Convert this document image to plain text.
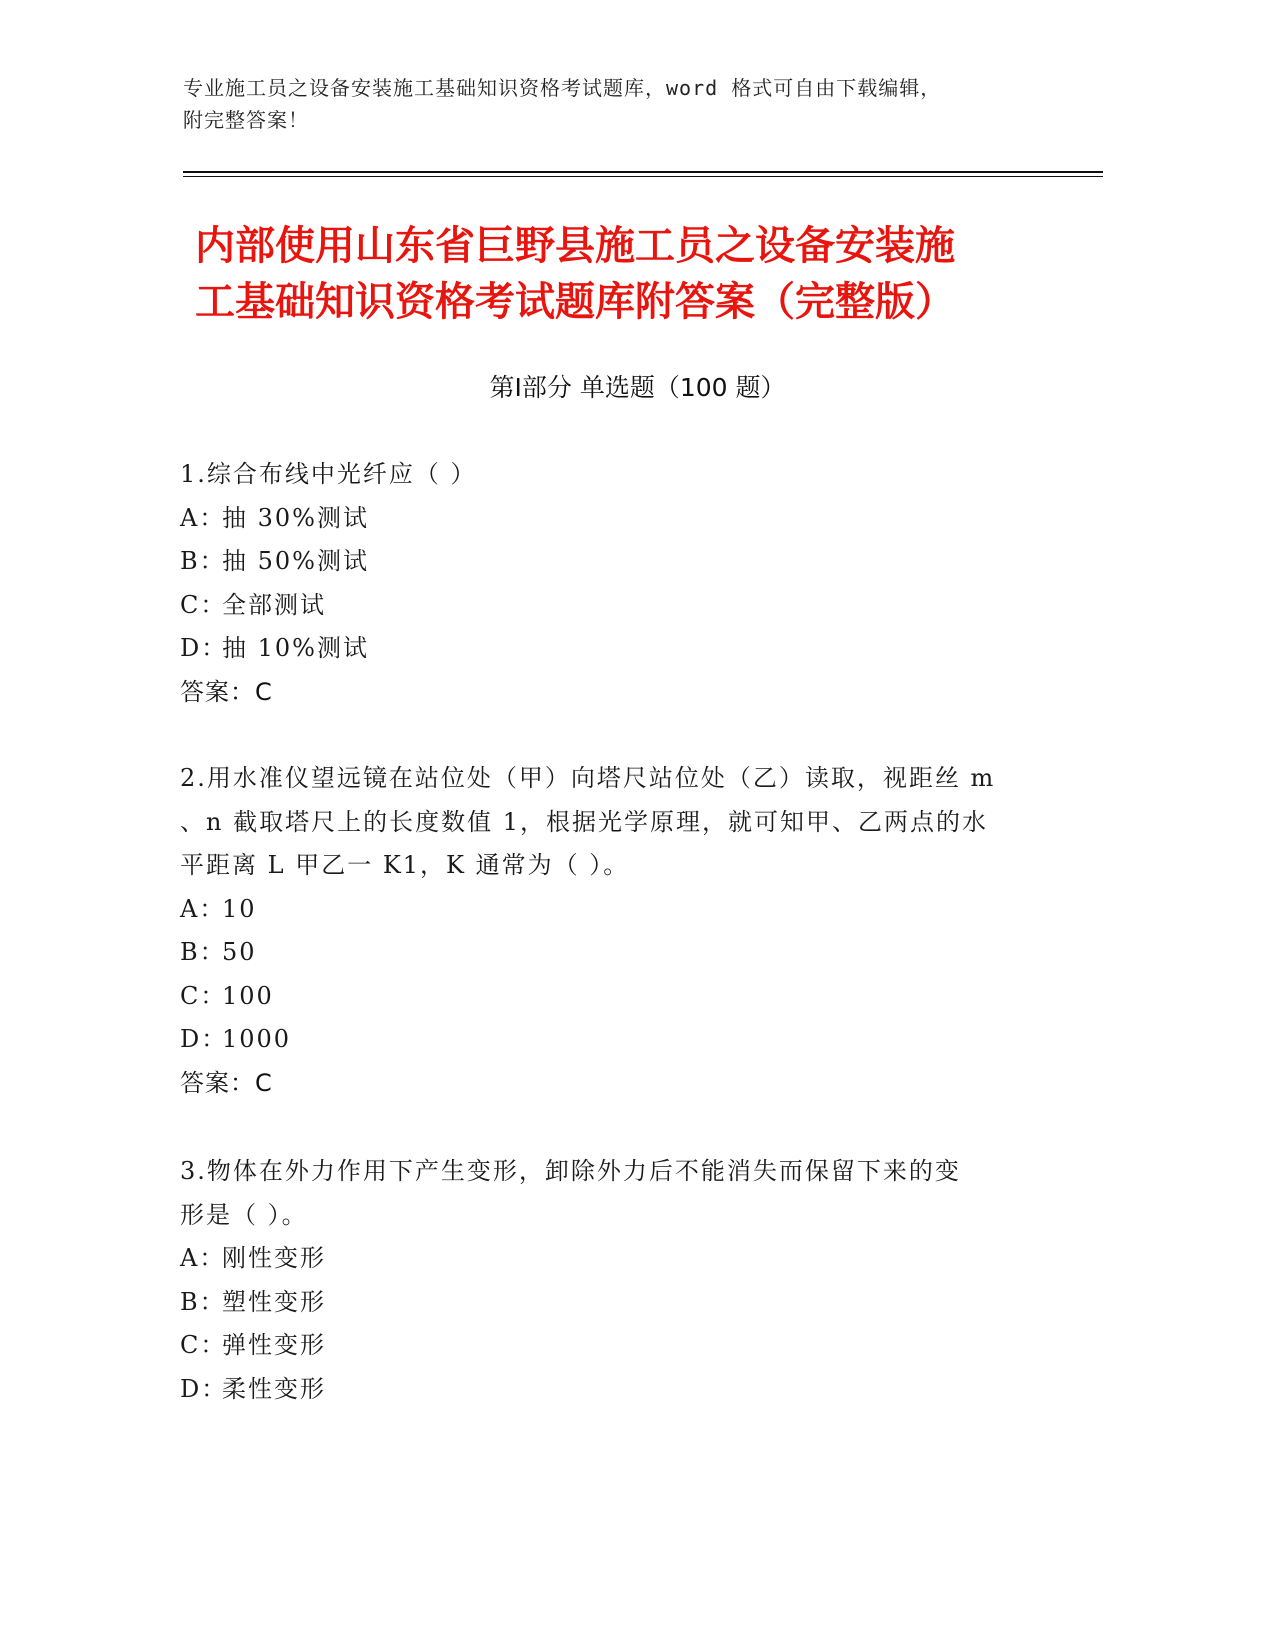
专业施工员之设备安装施工基础知识资格考试题库，word 格式可自由下载编辑，
附完整答案！
内部使用山东省巨野县施工员之设备安装施
工基础知识资格考试题库附答案（完整版）
第Ⅰ部分 单选题（100 题）
1.综合布线中光纤应（ ）
A：抽 30%测试
B：抽 50%测试
C：全部测试
D：抽 10%测试
答案：C
2.用水准仪望远镜在站位处（甲）向塔尺站位处（乙）读取，视距丝 m
、n 截取塔尺上的长度数值 1，根据光学原理，就可知甲、乙两点的水
平距离 L 甲乙一 K1，K 通常为（ ）。
A：10
B：50
C：100
D：1000
答案：C
3.物体在外力作用下产生变形，卸除外力后不能消失而保留下来的变
形是（ ）。
A：刚性变形
B：塑性变形
C：弹性变形
D：柔性变形
